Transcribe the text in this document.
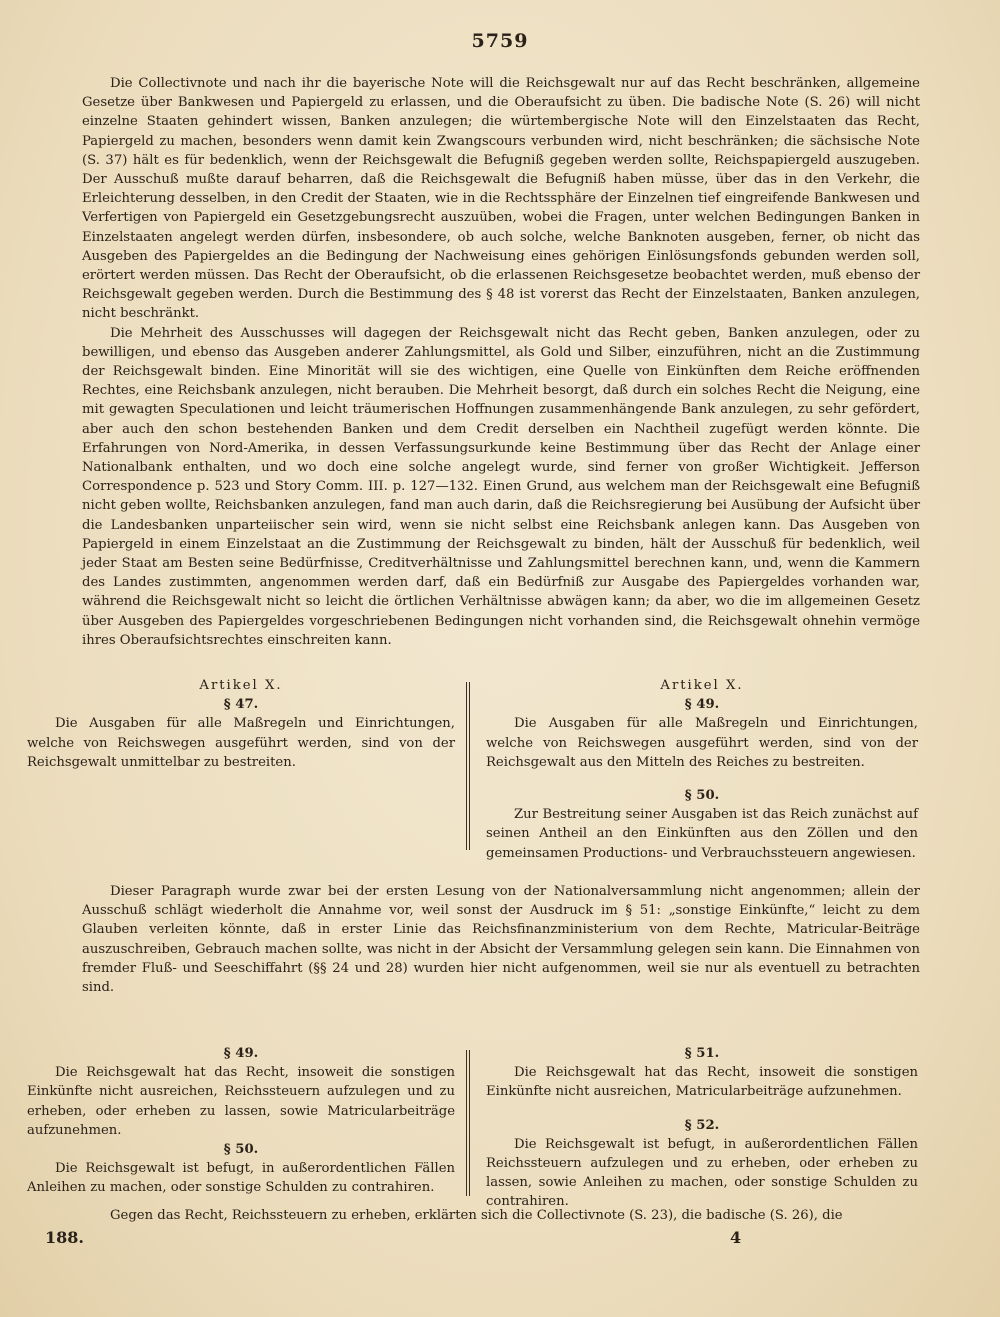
5759

Die Collectivnote und nach ihr die bayerische Note will die Reichsgewalt nur auf das Recht beschränken, allgemeine Gesetze über Bankwesen und Papiergeld zu erlassen, und die Oberaufsicht zu üben. Die badische Note (S. 26) will nicht einzelne Staaten gehindert wissen, Banken anzulegen; die würtembergische Note will den Einzelstaaten das Recht, Papiergeld zu machen, besonders wenn damit kein Zwangscours verbunden wird, nicht beschränken; die sächsische Note (S. 37) hält es für bedenklich, wenn der Reichsgewalt die Befugniß gegeben werden sollte, Reichspapiergeld auszugeben. Der Ausschuß mußte darauf beharren, daß die Reichsgewalt die Befugniß haben müsse, über das in den Verkehr, die Erleichterung desselben, in den Credit der Staaten, wie in die Rechtssphäre der Einzelnen tief eingreifende Bankwesen und Verfertigen von Papiergeld ein Gesetzgebungsrecht auszuüben, wobei die Fragen, unter welchen Bedingungen Banken in Einzelstaaten angelegt werden dürfen, insbesondere, ob auch solche, welche Banknoten ausgeben, ferner, ob nicht das Ausgeben des Papiergeldes an die Bedingung der Nachweisung eines gehörigen Einlösungsfonds gebunden werden soll, erörtert werden müssen. Das Recht der Oberaufsicht, ob die erlassenen Reichsgesetze beobachtet werden, muß ebenso der Reichsgewalt gegeben werden. Durch die Bestimmung des § 48 ist vorerst das Recht der Einzelstaaten, Banken anzulegen, nicht beschränkt.

Die Mehrheit des Ausschusses will dagegen der Reichsgewalt nicht das Recht geben, Banken anzulegen, oder zu bewilligen, und ebenso das Ausgeben anderer Zahlungsmittel, als Gold und Silber, einzuführen, nicht an die Zustimmung der Reichsgewalt binden. Eine Minorität will sie des wichtigen, eine Quelle von Einkünften dem Reiche eröffnenden Rechtes, eine Reichsbank anzulegen, nicht berauben. Die Mehrheit besorgt, daß durch ein solches Recht die Neigung, eine mit gewagten Speculationen und leicht träumerischen Hoffnungen zusammenhängende Bank anzulegen, zu sehr gefördert, aber auch den schon bestehenden Banken und dem Credit derselben ein Nachtheil zugefügt werden könnte. Die Erfahrungen von Nord-Amerika, in dessen Verfassungsurkunde keine Bestimmung über das Recht der Anlage einer Nationalbank enthalten, und wo doch eine solche angelegt wurde, sind ferner von großer Wichtigkeit. Jefferson Correspondence p. 523 und Story Comm. III. p. 127—132. Einen Grund, aus welchem man der Reichsgewalt eine Befugniß nicht geben wollte, Reichsbanken anzulegen, fand man auch darin, daß die Reichsregierung bei Ausübung der Aufsicht über die Landesbanken unparteiischer sein wird, wenn sie nicht selbst eine Reichsbank anlegen kann. Das Ausgeben von Papiergeld in einem Einzelstaat an die Zustimmung der Reichsgewalt zu binden, hält der Ausschuß für bedenklich, weil jeder Staat am Besten seine Bedürfnisse, Creditverhältnisse und Zahlungsmittel berechnen kann, und, wenn die Kammern des Landes zustimmten, angenommen werden darf, daß ein Bedürfniß zur Ausgabe des Papiergeldes vorhanden war, während die Reichsgewalt nicht so leicht die örtlichen Verhältnisse abwägen kann; da aber, wo die im allgemeinen Gesetz über Ausgeben des Papiergeldes vorgeschriebenen Bedingungen nicht vorhanden sind, die Reichsgewalt ohnehin vermöge ihres Oberaufsichtsrechtes einschreiten kann.

Artikel X.
§ 47.

Die Ausgaben für alle Maßregeln und Einrichtungen, welche von Reichswegen ausgeführt werden, sind von der Reichsgewalt unmittelbar zu bestreiten.

Artikel X.
§ 49.

Die Ausgaben für alle Maßregeln und Einrichtungen, welche von Reichswegen ausgeführt werden, sind von der Reichsgewalt aus den Mitteln des Reiches zu bestreiten.

§ 50.

Zur Bestreitung seiner Ausgaben ist das Reich zunächst auf seinen Antheil an den Einkünften aus den Zöllen und den gemeinsamen Productions- und Verbrauchssteuern angewiesen.

Dieser Paragraph wurde zwar bei der ersten Lesung von der Nationalversammlung nicht angenommen; allein der Ausschuß schlägt wiederholt die Annahme vor, weil sonst der Ausdruck im § 51: „sonstige Einkünfte,“ leicht zu dem Glauben verleiten könnte, daß in erster Linie das Reichsfinanzministerium von dem Rechte, Matricular-Beiträge auszuschreiben, Gebrauch machen sollte, was nicht in der Absicht der Versammlung gelegen sein kann. Die Einnahmen von fremder Fluß- und Seeschiffahrt (§§ 24 und 28) wurden hier nicht aufgenommen, weil sie nur als eventuell zu betrachten sind.

§ 49.

Die Reichsgewalt hat das Recht, insoweit die sonstigen Einkünfte nicht ausreichen, Reichssteuern aufzulegen und zu erheben, oder erheben zu lassen, sowie Matricularbeiträge aufzunehmen.

§ 50.

Die Reichsgewalt ist befugt, in außerordentlichen Fällen Anleihen zu machen, oder sonstige Schulden zu contrahiren.

§ 51.

Die Reichsgewalt hat das Recht, insoweit die sonstigen Einkünfte nicht ausreichen, Matricularbeiträge aufzunehmen.

§ 52.

Die Reichsgewalt ist befugt, in außerordentlichen Fällen Reichssteuern aufzulegen und zu erheben, oder erheben zu lassen, sowie Anleihen zu machen, oder sonstige Schulden zu contrahiren.

Gegen das Recht, Reichssteuern zu erheben, erklärten sich die Collectivnote (S. 23), die badische (S. 26), die

188.	4
